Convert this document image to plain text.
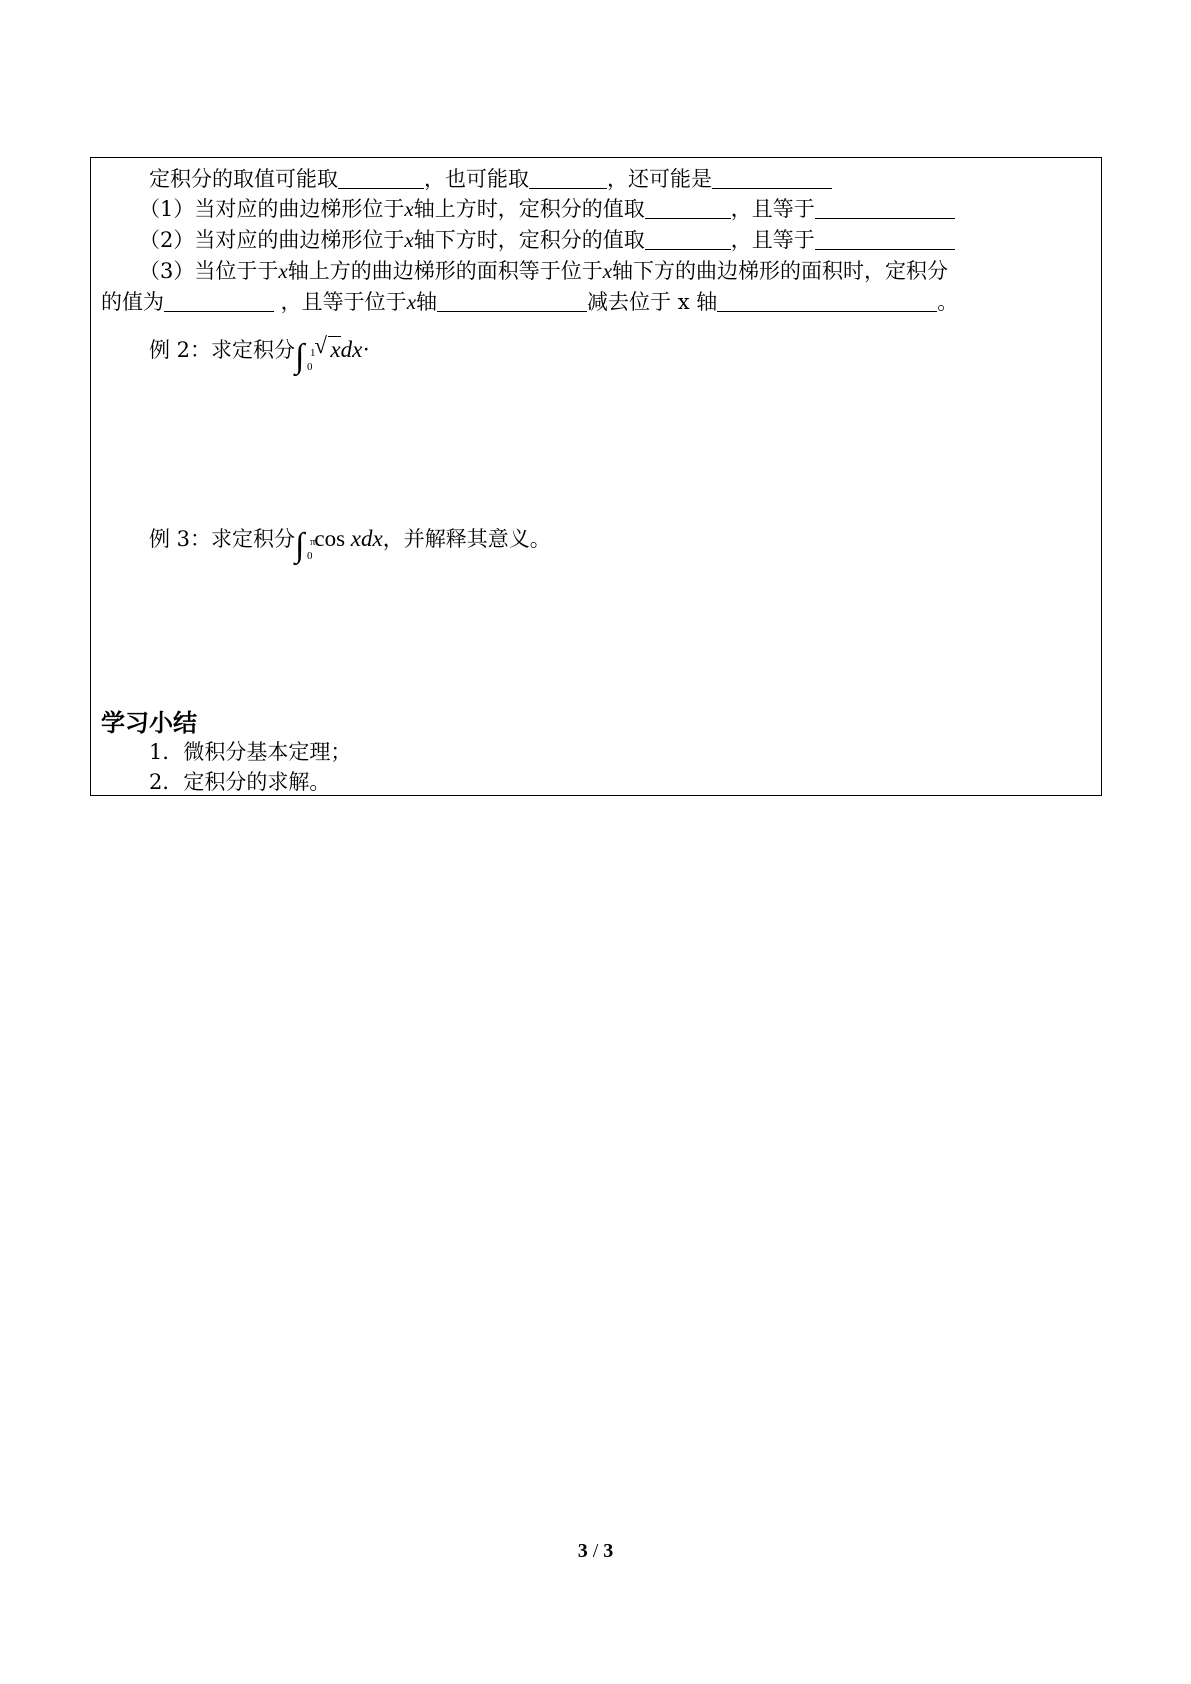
定积分的取值可能取	，也可能取	，还可能是
（1）当对应的曲边梯形位于x轴上方时，定积分的值取	，且等于
（2）当对应的曲边梯形位于x轴下方时，定积分的值取	，且等于
（3）当位于于x轴上方的曲边梯形的面积等于位于x轴下方的曲边梯形的面积时，定积分
的值为	，且等于位于x轴	减去位于 x 轴	。
例 2：求定积分∫ 1
0
√ xdx·
例 3：求定积分∫ π
0
cos xdx，并解释其意义。
学习小结
1．微积分基本定理；
2．定积分的求解。
3 / 3
